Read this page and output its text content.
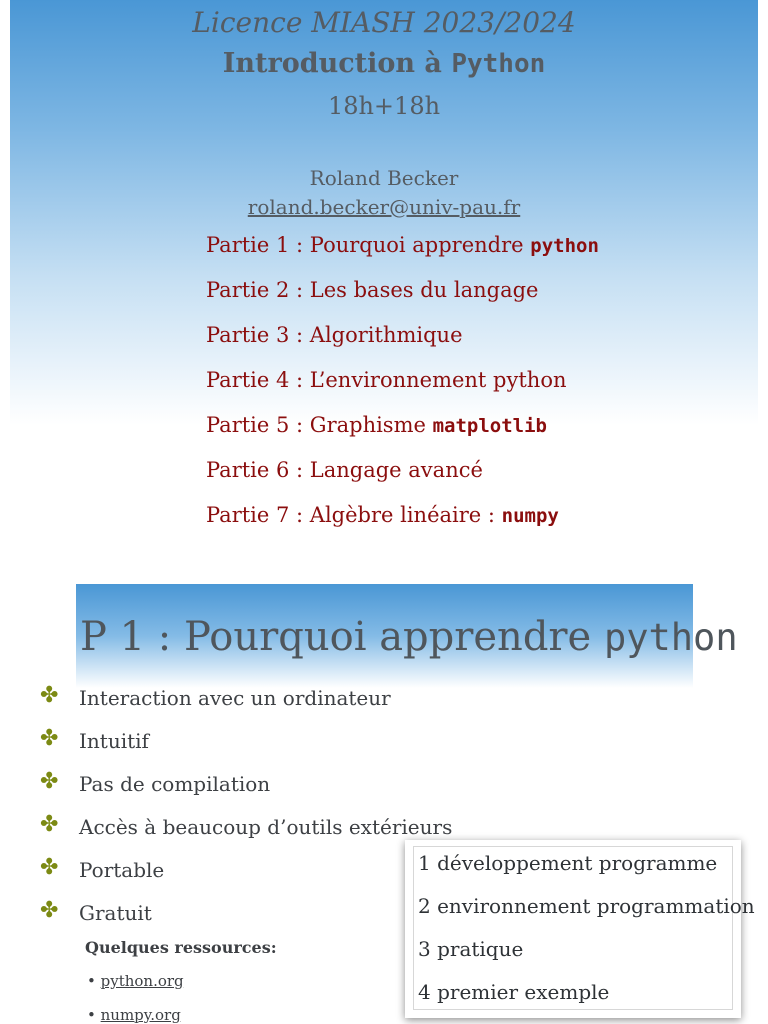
Licence MIASH 2023/2024
Introduction à Python
18h+18h
Roland Becker
roland.becker@univ-pau.fr
Partie 1 : Pourquoi apprendre python
Partie 2 : Les bases du langage
Partie 3 : Algorithmique
Partie 4 : L’environnement python
Partie 5 : Graphisme matplotlib
Partie 6 : Langage avancé
Partie 7 : Algèbre linéaire : numpy
P 1 : Pourquoi apprendre python
✤	Interaction avec un ordinateur
✤	Intuitif
✤	Pas de compilation
✤	Accès à beaucoup d’outils extérieurs
✤	Portable
✤	Gratuit
Quelques ressources:
• python.org
• numpy.org
1 développement programme
2 environnement programmation
3 pratique
4 premier exemple
